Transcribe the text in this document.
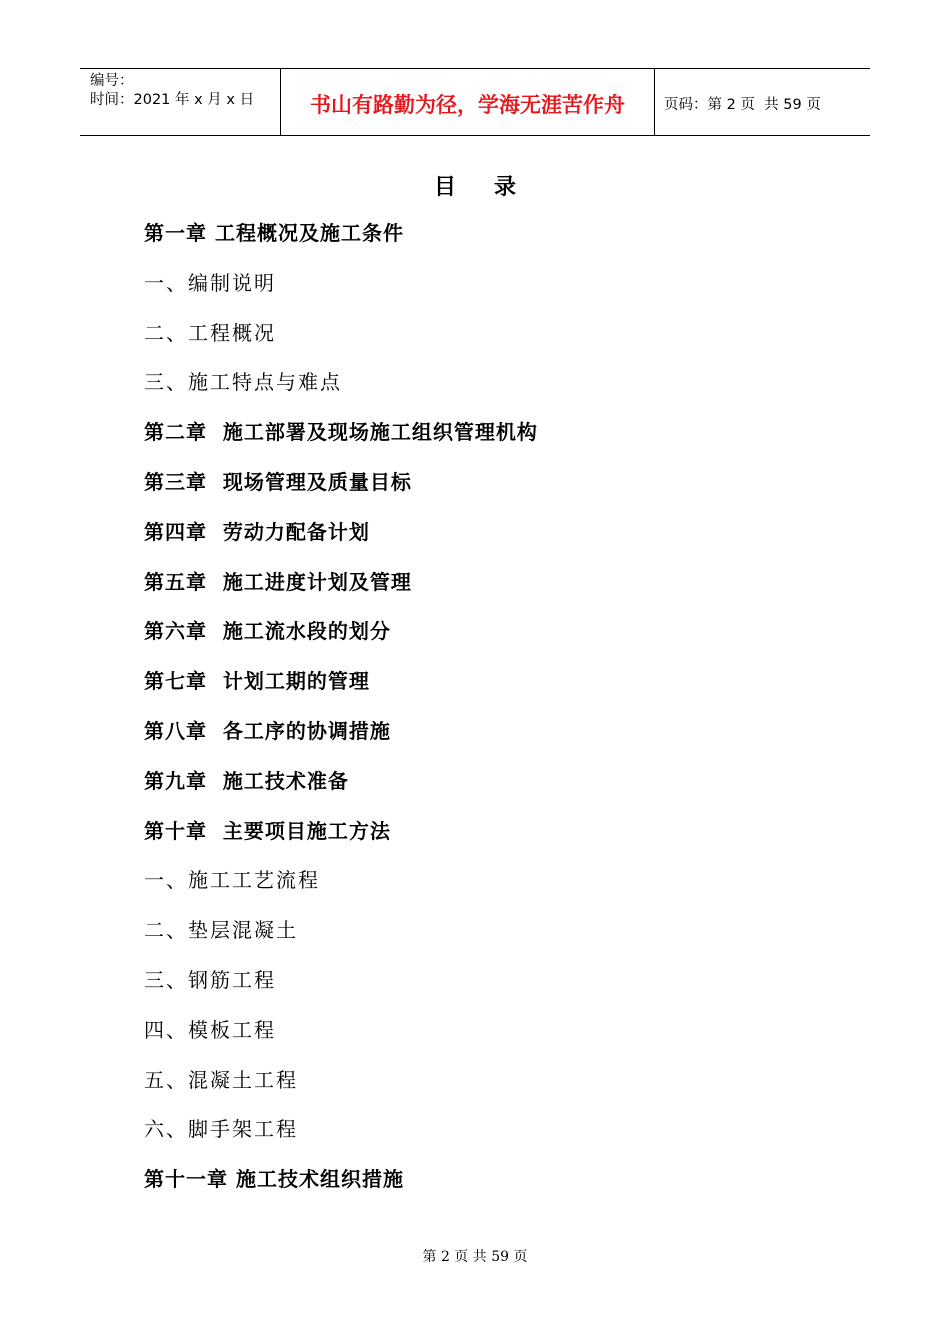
编号：
时间：2021 年 x 月 x 日	书山有路勤为径，学海无涯苦作舟	页码：第 2 页  共 59 页
目录
第一章 工程概况及施工条件
一、编制说明
二、工程概况
三、施工特点与难点
第二章  施工部署及现场施工组织管理机构
第三章  现场管理及质量目标
第四章  劳动力配备计划
第五章  施工进度计划及管理
第六章  施工流水段的划分
第七章  计划工期的管理
第八章  各工序的协调措施
第九章  施工技术准备
第十章  主要项目施工方法
一、施工工艺流程
二、垫层混凝土
三、钢筋工程
四、模板工程
五、混凝土工程
六、脚手架工程
第十一章 施工技术组织措施
第 2 页 共 59 页
